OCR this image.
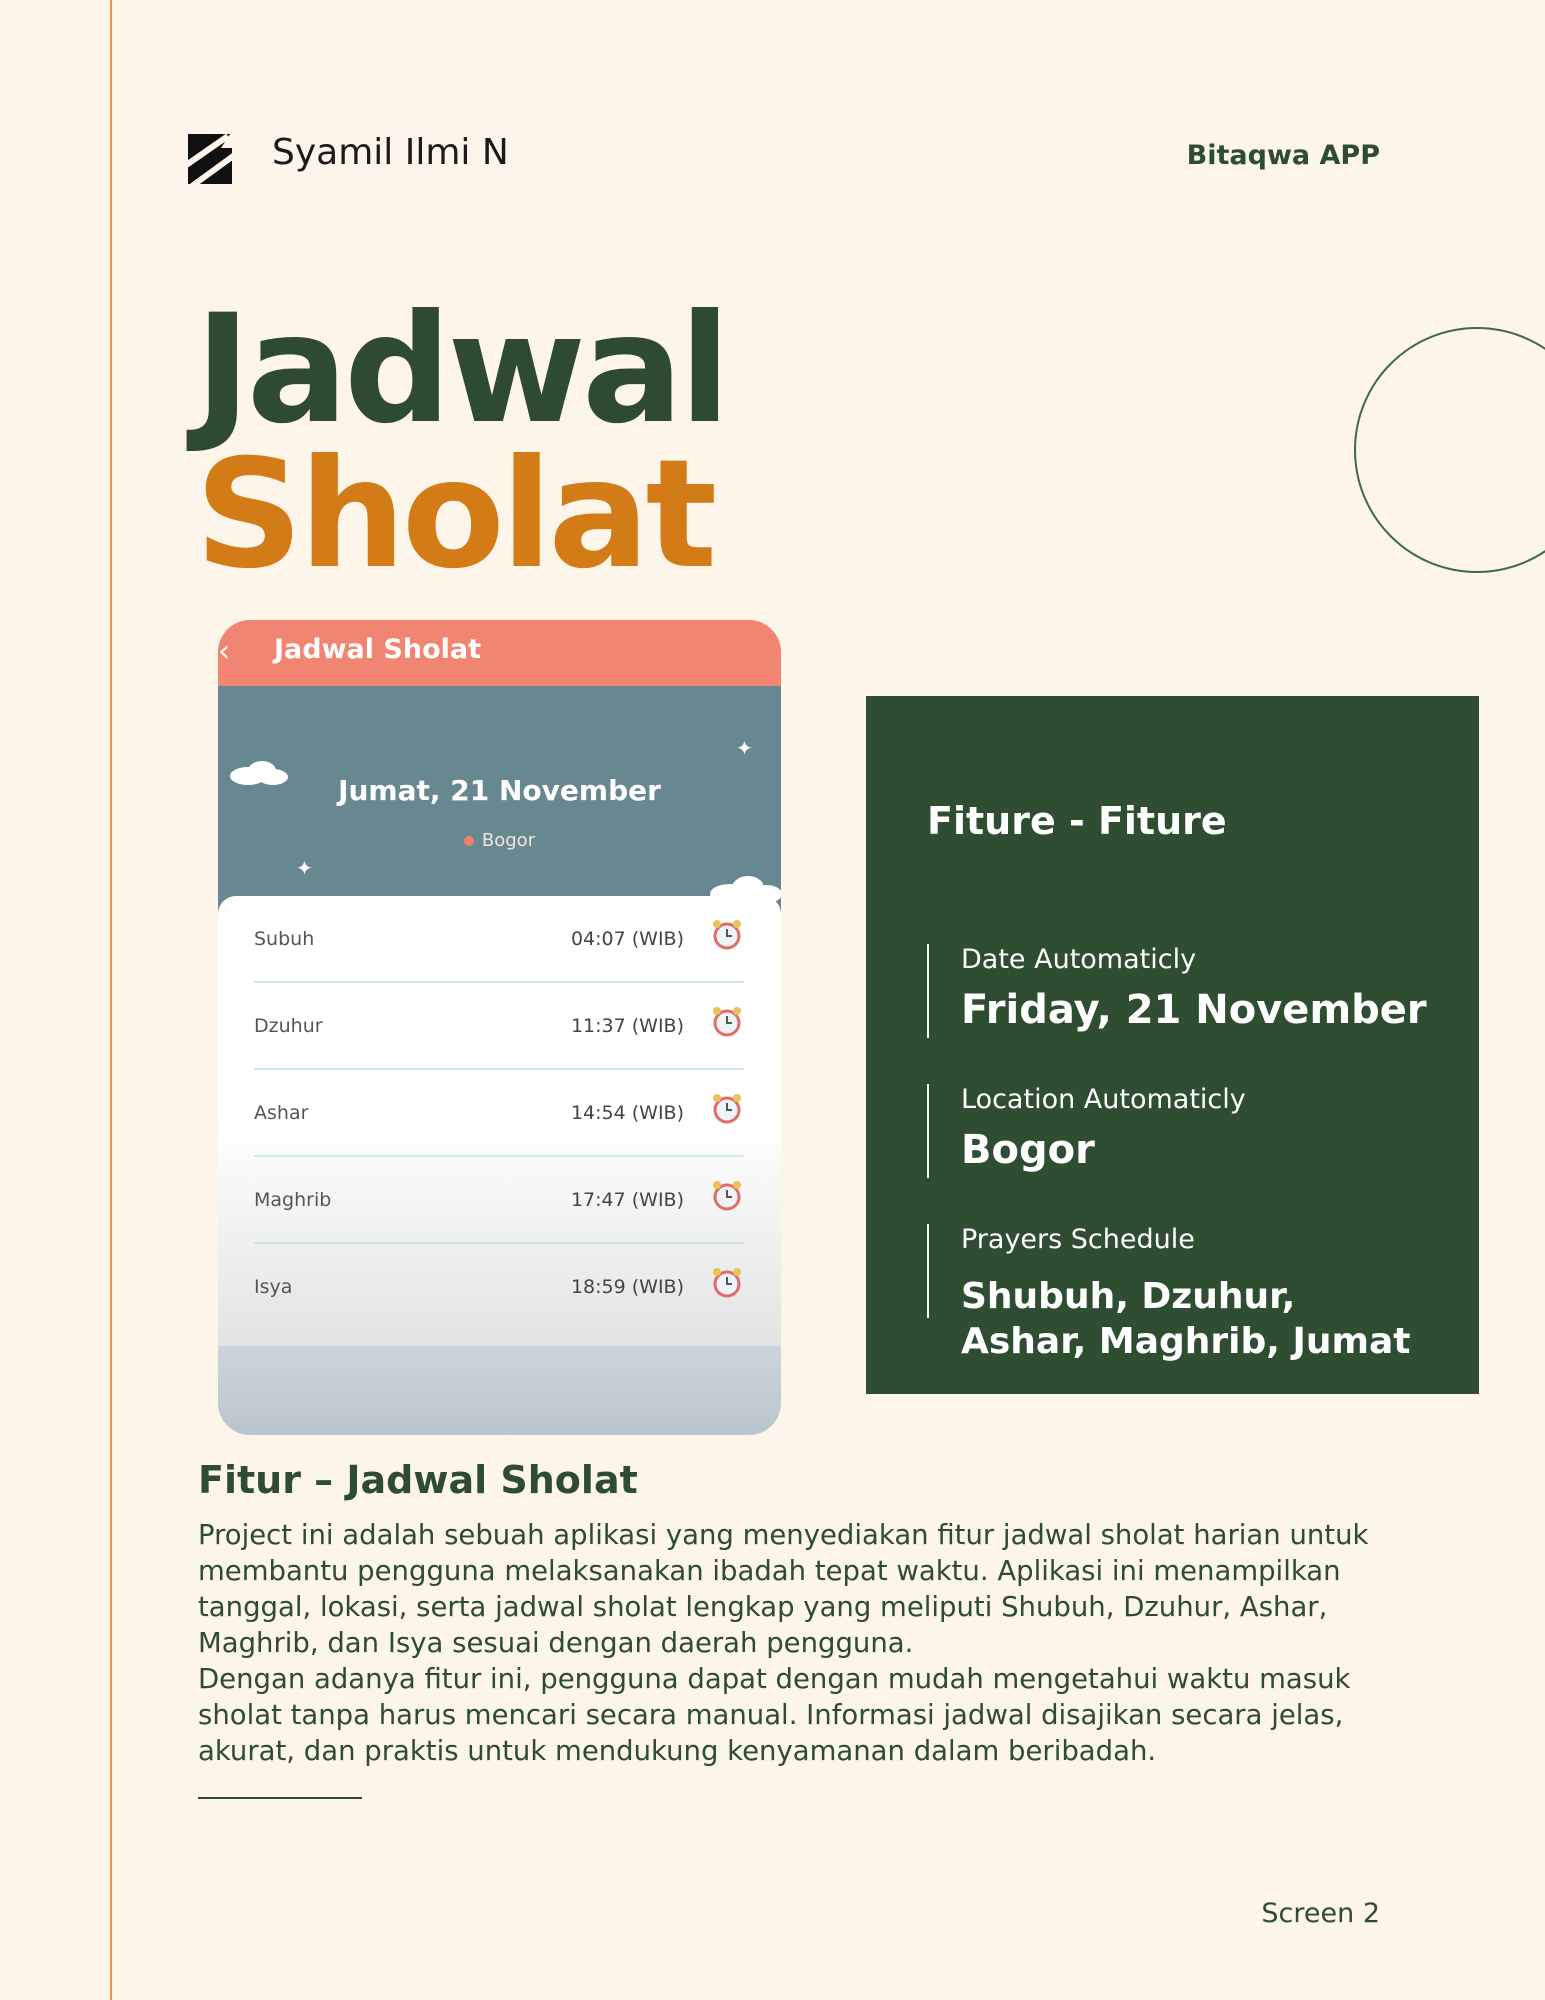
Syamil Ilmi N	Bitaqwa APP
Jadwal
Sholat
‹ Jadwal Sholat
✦
✦
Jumat, 21 November
Bogor
Subuh	04:07 (WIB)
Dzuhur	11:37 (WIB)
Ashar	14:54 (WIB)
Maghrib	17:47 (WIB)
Isya	18:59 (WIB)
Fiture - Fiture
Date Automaticly
Friday, 21 November
Location Automaticly
Bogor
Prayers Schedule
Shubuh, Dzuhur, Ashar, Maghrib, Jumat
Fitur – Jadwal Sholat

Project ini adalah sebuah aplikasi yang menyediakan fitur jadwal sholat harian untuk membantu pengguna melaksanakan ibadah tepat waktu. Aplikasi ini menampilkan tanggal, lokasi, serta jadwal sholat lengkap yang meliputi Shubuh, Dzuhur, Ashar, Maghrib, dan Isya sesuai dengan daerah pengguna.

Dengan adanya fitur ini, pengguna dapat dengan mudah mengetahui waktu masuk sholat tanpa harus mencari secara manual. Informasi jadwal disajikan secara jelas, akurat, dan praktis untuk mendukung kenyamanan dalam beribadah.

Screen 2
